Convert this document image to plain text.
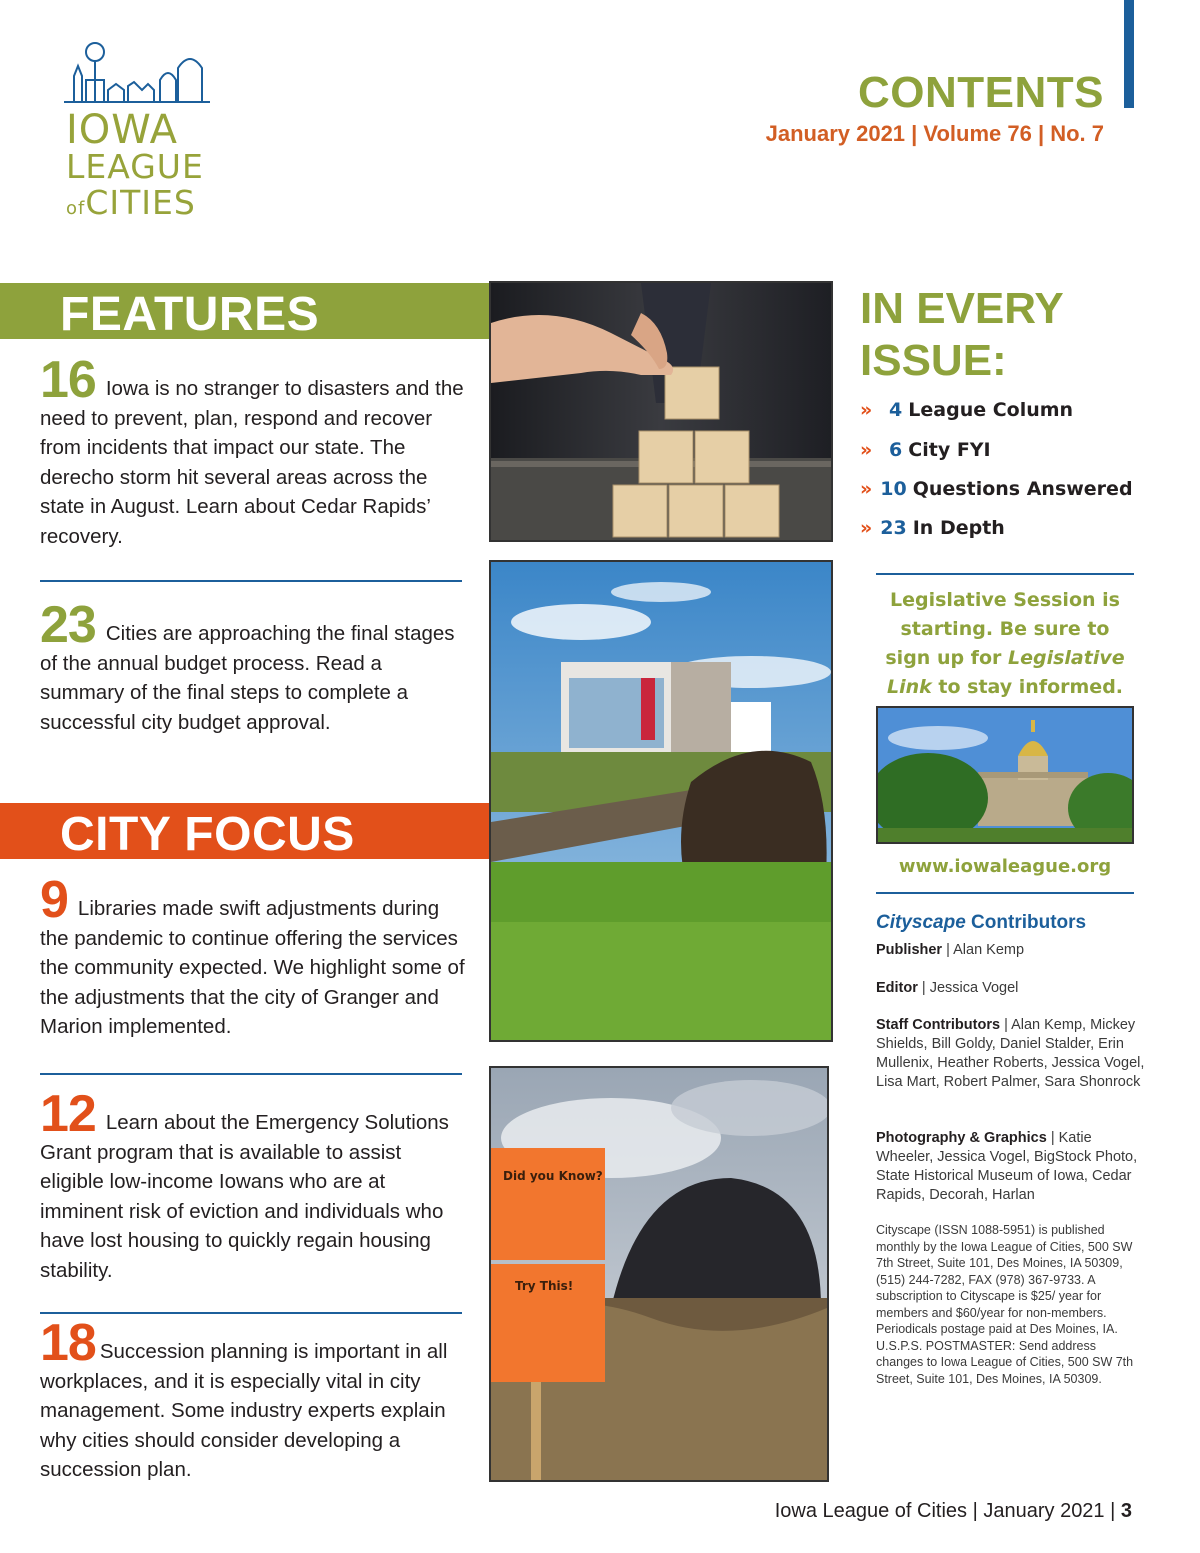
IOWA
LEAGUE
ofCITIES
CONTENTS
January 2021 | Volume 76 | No. 7
FEATURES
16 Iowa is no stranger to disasters and the need to prevent, plan, respond and recover from incidents that impact our state. The derecho storm hit several areas across the state in August. Learn about Cedar Rapids’ recovery.
23 Cities are approaching the final stages of the annual budget process. Read a summary of the final steps to complete a successful city budget approval.
CITY FOCUS
9 Libraries made swift adjustments during the pandemic to continue offering the services the community expected. We highlight some of the adjustments that the city of Granger and Marion implemented.
12 Learn about the Emergency Solutions Grant program that is available to assist eligible low-income Iowans who are at imminent risk of eviction and individuals who have lost housing to quickly regain housing stability.
18 Succession planning is important in all workplaces, and it is especially vital in city management. Some industry experts explain why cities should consider developing a succession plan.
Did you Know?
Try This!
IN EVERY
ISSUE:
» 4 League Column
» 6 City FYI
» 10 Questions Answered
» 23 In Depth
Legislative Session is starting. Be sure to sign up for Legislative Link to stay informed.
www.iowaleague.org
Cityscape Contributors
Publisher | Alan Kemp
Editor | Jessica Vogel
Staff Contributors | Alan Kemp, Mickey Shields, Bill Goldy, Daniel Stalder, Erin Mullenix, Heather Roberts, Jessica Vogel, Lisa Mart, Robert Palmer, Sara Shonrock
Photography & Graphics | Katie Wheeler, Jessica Vogel, BigStock Photo, State Historical Museum of Iowa, Cedar Rapids, Decorah, Harlan
Cityscape (ISSN 1088-5951) is published monthly by the Iowa League of Cities, 500 SW 7th Street, Suite 101, Des Moines, IA 50309, (515) 244-7282, FAX (978) 367-9733. A subscription to Cityscape is $25/ year for members and $60/year for non-members. Periodicals postage paid at Des Moines, IA. U.S.P.S. POSTMASTER: Send address changes to Iowa League of Cities, 500 SW 7th Street, Suite 101, Des Moines, IA 50309.
Iowa League of Cities | January 2021 | 3
